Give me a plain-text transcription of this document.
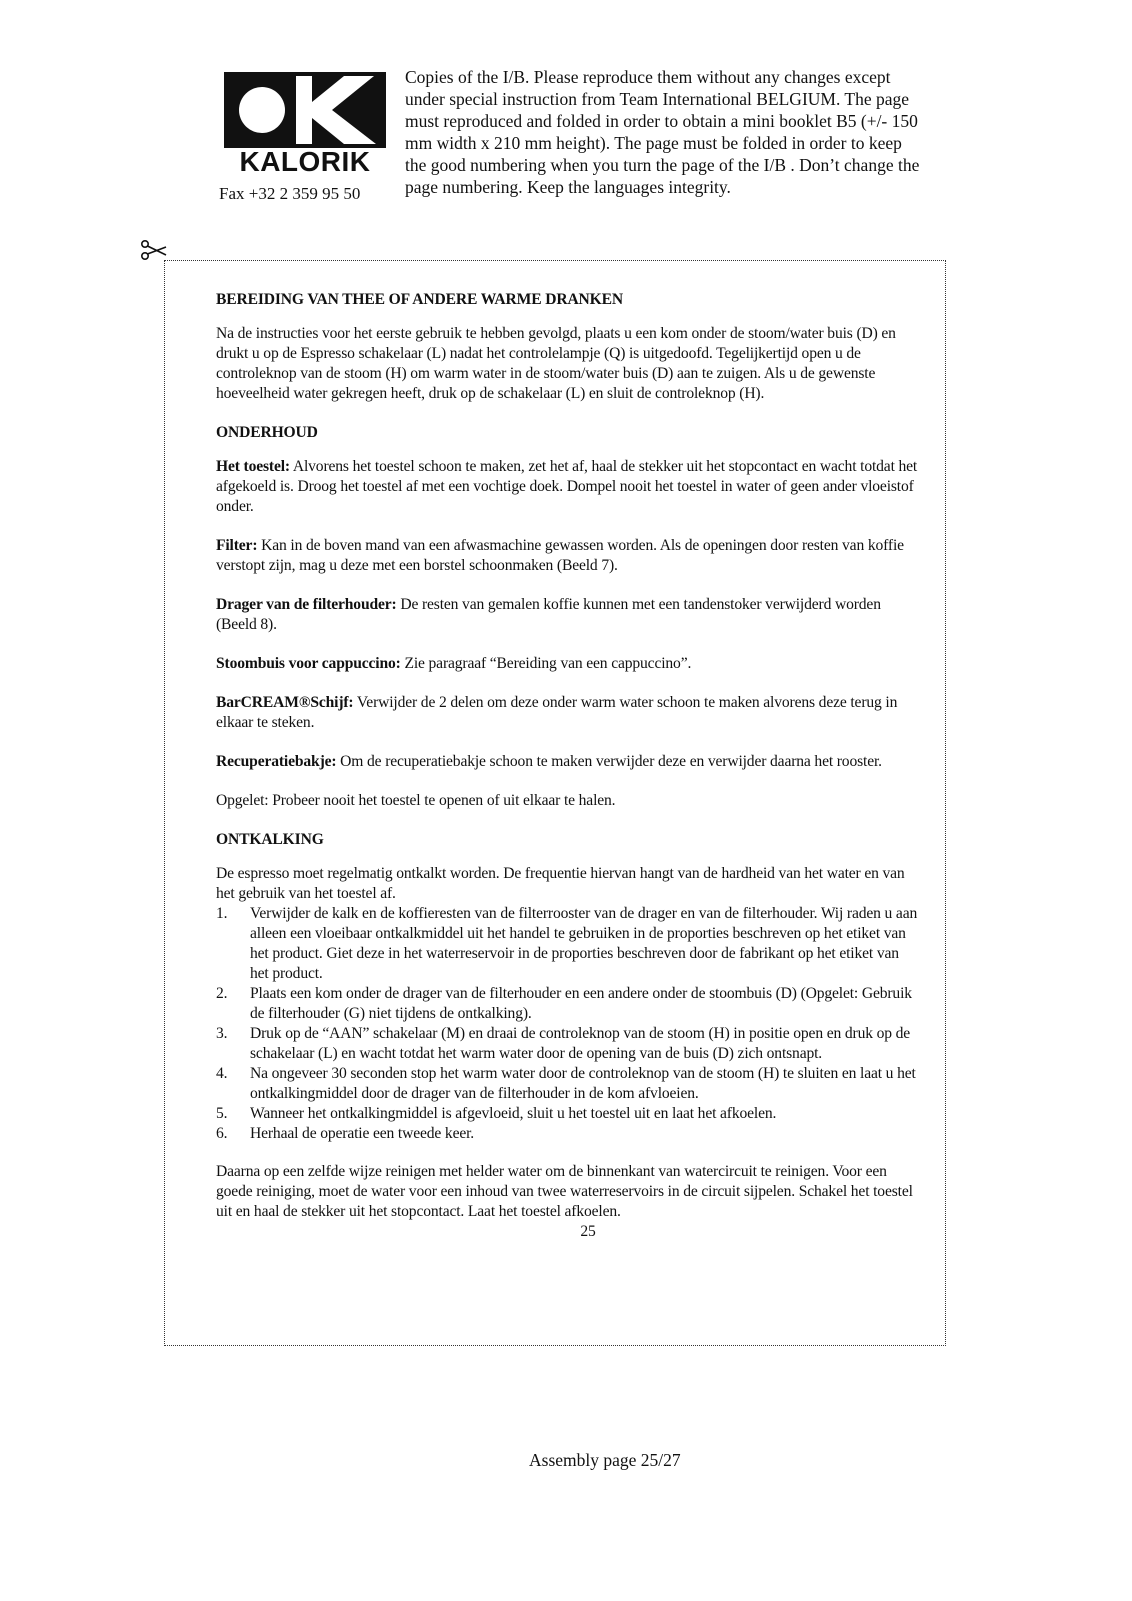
KALORIK
Fax +32 2 359 95 50
Copies of the I/B. Please reproduce them without any changes except under special instruction from Team International BELGIUM. The page must reproduced and folded in order to obtain a mini booklet B5 (+/- 150 mm width x 210 mm height). The page must be folded in order to keep the good numbering when you turn the page of the I/B . Don’t change the page numbering. Keep the languages integrity.
BEREIDING VAN THEE OF ANDERE WARME DRANKEN

Na de instructies voor het eerste gebruik te hebben gevolgd, plaats u een kom onder de stoom/water buis (D) en drukt u op de Espresso schakelaar (L) nadat het controlelampje (Q) is uitgedoofd. Tegelijkertijd open u de controleknop van de stoom (H) om warm water in de stoom/water buis (D) aan te zuigen. Als u de gewenste hoeveelheid water gekregen heeft, druk op de schakelaar (L) en sluit de controleknop (H).

ONDERHOUD

Het toestel: Alvorens het toestel schoon te maken, zet het af, haal de stekker uit het stopcontact en wacht totdat het afgekoeld is. Droog het toestel af met een vochtige doek. Dompel nooit het toestel in water of geen ander vloeistof onder.

Filter: Kan in de boven mand van een afwasmachine gewassen worden. Als de openingen door resten van koffie verstopt zijn, mag u deze met een borstel schoonmaken (Beeld 7).

Drager van de filterhouder: De resten van gemalen koffie kunnen met een tandenstoker verwijderd worden (Beeld 8).

Stoombuis voor cappuccino: Zie paragraaf “Bereiding van een cappuccino”.

BarCREAM®Schijf: Verwijder de 2 delen om deze onder warm water schoon te maken alvorens deze terug in elkaar te steken.

Recuperatiebakje: Om de recuperatiebakje schoon te maken verwijder deze en verwijder daarna het rooster.

Opgelet: Probeer nooit het toestel te openen of uit elkaar te halen.

ONTKALKING

De espresso moet regelmatig ontkalkt worden. De frequentie hiervan hangt van de hardheid van het water en van het gebruik van het toestel af.

1. Verwijder de kalk en de koffieresten van de filterrooster van de drager en van de filterhouder. Wij raden u aan alleen een vloeibaar ontkalkmiddel uit het handel te gebruiken in de proporties beschreven op het etiket van het product. Giet deze in het waterreservoir in de proporties beschreven door de fabrikant op het etiket van het product.
2. Plaats een kom onder de drager van de filterhouder en een andere onder de stoombuis (D) (Opgelet: Gebruik de filterhouder (G) niet tijdens de ontkalking).
3. Druk op de “AAN” schakelaar (M) en draai de controleknop van de stoom (H) in positie open en druk op de schakelaar (L) en wacht totdat het warm water door de opening van de buis (D) zich ontsnapt.
4. Na ongeveer 30 seconden stop het warm water door de controleknop van de stoom (H) te sluiten en laat u het ontkalkingmiddel door de drager van de filterhouder in de kom afvloeien.
5. Wanneer het ontkalkingmiddel is afgevloeid, sluit u het toestel uit en laat het afkoelen.
6. Herhaal de operatie een tweede keer.

Daarna op een zelfde wijze reinigen met helder water om de binnenkant van watercircuit te reinigen. Voor een goede reiniging, moet de water voor een inhoud van twee waterreservoirs in de circuit sijpelen. Schakel het toestel uit en haal de stekker uit het stopcontact. Laat het toestel afkoelen.

25
Assembly page 25/27
